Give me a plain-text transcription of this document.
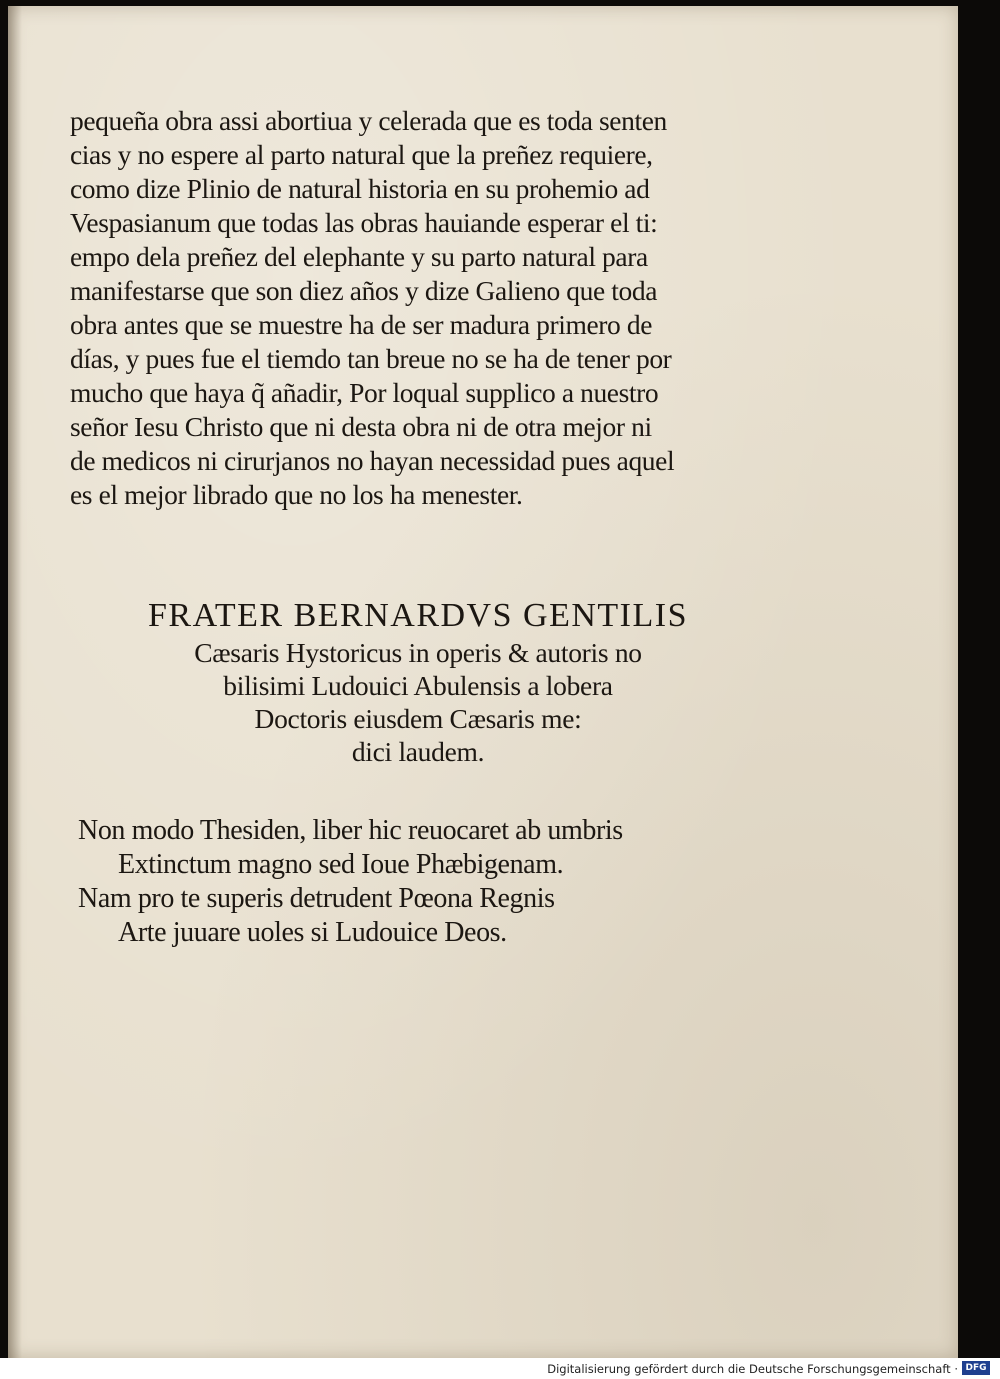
pequeña obra assi abortiua y celerada que es toda senten
cias y no espere al parto natural que la preñez requiere,
como dize Plinio de natural historia en su prohemio ad
Vespasianum que todas las obras hauiande esperar el ti:
empo dela preñez del elephante y su parto natural para
manifestarse que son diez años y dize Galieno que toda
obra antes que se muestre ha de ser madura primero de
días, y pues fue el tiemdo tan breue no se ha de tener por
mucho que haya q̃ añadir, Por loqual supplico a nuestro
señor Iesu Christo que ni desta obra ni de otra mejor ni
de medicos ni cirurjanos no hayan necessidad pues aquel
es el mejor librado que no los ha menester.
FRATER BERNARDVS GENTILIS
Cæsaris Hystoricus in operis & autoris no
bilisimi Ludouici Abulensis a lobera
Doctoris eiusdem Cæsaris me:
dici laudem.
Non modo Thesiden, liber hic reuocaret ab umbris
Extinctum magno sed Ioue Phæbigenam.
Nam pro te superis detrudent Pœona Regnis
Arte juuare uoles si Ludouice Deos.
Digitalisierung gefördert durch die Deutsche Forschungsgemeinschaft · DFG
